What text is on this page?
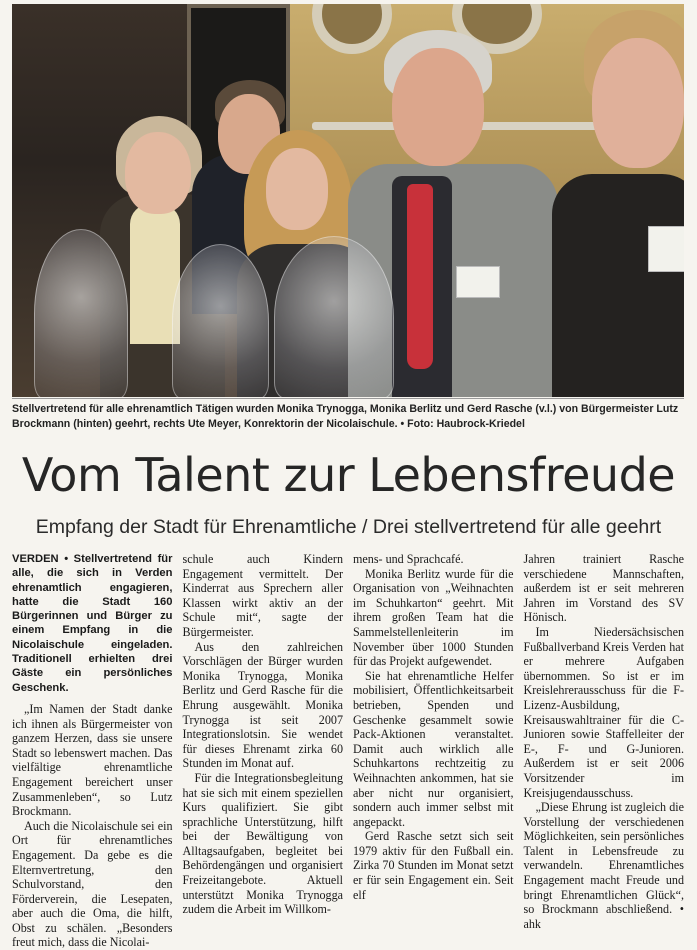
Stellvertretend für alle ehrenamtlich Tätigen wurden Monika Trynogga, Monika Berlitz und Gerd Rasche (v.l.) von Bürgermeister Lutz Brockmann (hinten) geehrt, rechts Ute Meyer, Konrektorin der Nicolaischule. • Foto: Haubrock-Kriedel
Vom Talent zur Lebensfreude
Empfang der Stadt für Ehrenamtliche / Drei stellvertretend für alle geehrt

VERDEN • Stellvertretend für alle, die sich in Verden ehrenamtlich engagieren, hatte die Stadt 160 Bürgerinnen und Bürger zu einem Empfang in die Nicolaischule eingeladen. Traditionell erhielten drei Gäste ein persönliches Geschenk.

„Im Namen der Stadt danke ich ihnen als Bürgermeister von ganzem Herzen, dass sie unsere Stadt so lebenswert machen. Das vielfältige ehrenamtliche Engagement bereichert unser Zusammenleben“, so Lutz Brockmann.

Auch die Nicolaischule sei ein Ort für ehrenamtliches Engagement. Da gebe es die Elternvertretung, den Schulvorstand, den Förderverein, die Lesepaten, aber auch die Oma, die hilft, Obst zu schälen. „Besonders freut mich, dass die Nicolai-

schule auch Kindern Engagement vermittelt. Der Kinderrat aus Sprechern aller Klassen wirkt aktiv an der Schule mit“, sagte der Bürgermeister.

Aus den zahlreichen Vorschlägen der Bürger wurden Monika Trynogga, Monika Berlitz und Gerd Rasche für die Ehrung ausgewählt. Monika Trynogga ist seit 2007 Integrationslotsin. Sie wendet für dieses Ehrenamt zirka 60 Stunden im Monat auf.

Für die Integrationsbegleitung hat sie sich mit einem speziellen Kurs qualifiziert. Sie gibt sprachliche Unterstützung, hilft bei der Bewältigung von Alltagsaufgaben, begleitet bei Behördengängen und organisiert Freizeitangebote. Aktuell unterstützt Monika Trynogga zudem die Arbeit im Willkom-

mens- und Sprachcafé.

Monika Berlitz wurde für die Organisation von „Weihnachten im Schuhkarton“ geehrt. Mit ihrem großen Team hat die Sammelstellenleiterin im November über 1000 Stunden für das Projekt aufgewendet.

Sie hat ehrenamtliche Helfer mobilisiert, Öffentlichkeitsarbeit betrieben, Spenden und Geschenke gesammelt sowie Pack-Aktionen veranstaltet. Damit auch wirklich alle Schuhkartons rechtzeitig zu Weihnachten ankommen, hat sie aber nicht nur organisiert, sondern auch immer selbst mit angepackt.

Gerd Rasche setzt sich seit 1979 aktiv für den Fußball ein. Zirka 70 Stunden im Monat setzt er für sein Engagement ein. Seit elf

Jahren trainiert Rasche verschiedene Mannschaften, außerdem ist er seit mehreren Jahren im Vorstand des SV Hönisch.

Im Niedersächsischen Fußballverband Kreis Verden hat er mehrere Aufgaben übernommen. So ist er im Kreislehrerausschuss für die F-Lizenz-Ausbildung, Kreisauswahltrainer für die C-Junioren sowie Staffelleiter der E-, F- und G-Junioren. Außerdem ist er seit 2006 Vorsitzender im Kreisjugendausschuss.

„Diese Ehrung ist zugleich die Vorstellung der verschiedenen Möglichkeiten, sein persönliches Talent in Lebensfreude zu verwandeln. Ehrenamtliches Engagement macht Freude und bringt Ehrenamtlichen Glück“, so Brockmann abschließend. • ahk
